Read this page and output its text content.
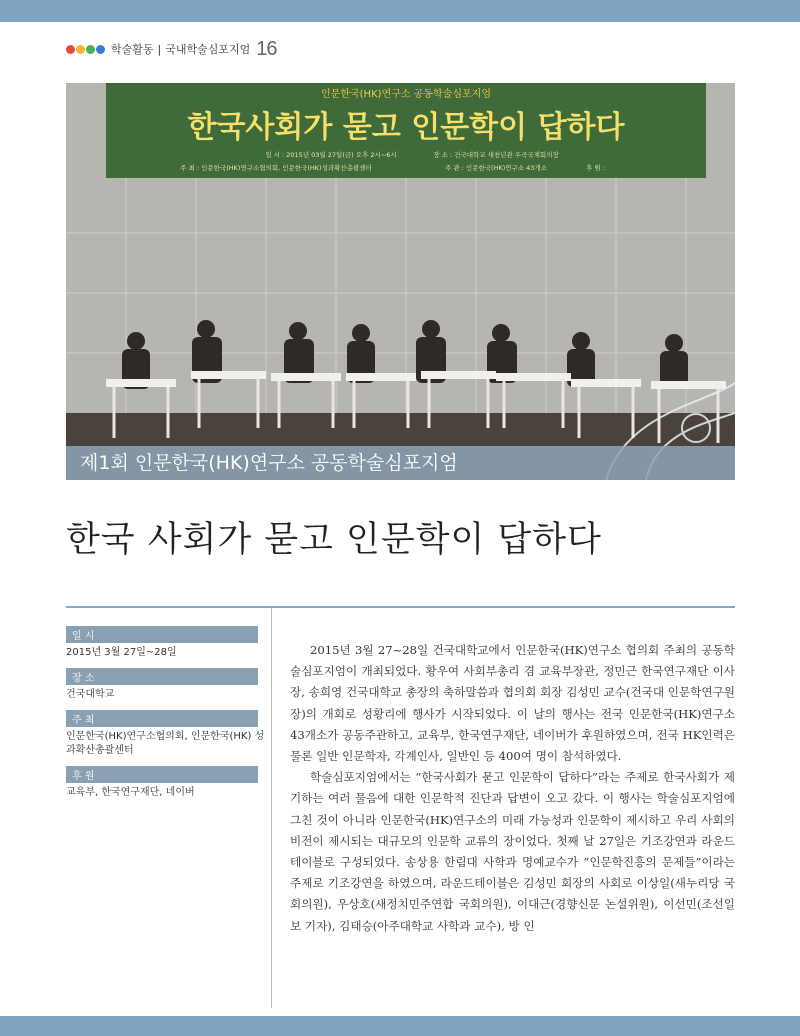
학술활동 | 국내학술심포지엄 16
인문한국(HK)연구소 공동학술심포지엄
한국사회가 묻고 인문학이 답하다
일 시 : 2015년 03월 27일(금) 오후 2시~6시	장 소 : 건국대학교 새천년관 우곡국제회의장
주 최 : 인문한국(HK)연구소협의회, 인문한국(HK)성과확산총괄센터	주 관 : 인문한국(HK)연구소 43개소	후 원 :
제1회 인문한국(HK)연구소 공동학술심포지엄
한국 사회가 묻고 인문학이 답하다
일 시
2015년 3월 27일~28일
장 소
건국대학교
주 최
인문한국(HK)연구소협의회, 인문한국(HK) 성과확산총괄센터
후 원
교육부, 한국연구재단, 네이버

2015년 3월 27~28일 건국대학교에서 인문한국(HK)연구소 협의회 주최의 공동학술심포지엄이 개최되었다. 황우여 사회부총리 겸 교육부장관, 정민근 한국연구재단 이사장, 송희영 건국대학교 총장의 축하말씀과 협의회 회장 김성민 교수(건국대 인문학연구원장)의 개회로 성황리에 행사가 시작되었다. 이 날의 행사는 전국 인문한국(HK)연구소 43개소가 공동주관하고, 교육부, 한국연구재단, 네이버가 후원하였으며, 전국 HK인력은 물론 일반 인문학자, 각계인사, 일반인 등 400여 명이 참석하였다.

학술심포지엄에서는 “한국사회가 묻고 인문학이 답하다”라는 주제로 한국사회가 제기하는 여러 물음에 대한 인문학적 진단과 답변이 오고 갔다. 이 행사는 학술심포지엄에 그친 것이 아니라 인문한국(HK)연구소의 미래 가능성과 인문학이 제시하고 우리 사회의 비전이 제시되는 대규모의 인문학 교류의 장이었다. 첫째 날 27일은 기조강연과 라운드테이블로 구성되었다. 송상용 한림대 사학과 명예교수가 “인문학진흥의 문제들”이라는 주제로 기조강연을 하였으며, 라운드테이블은 김성민 회장의 사회로 이상일(새누리당 국회의원), 우상호(새정치민주연합 국회의원), 이대근(경향신문 논설위원), 이선민(조선일보 기자), 김태승(아주대학교 사학과 교수), 방 인
